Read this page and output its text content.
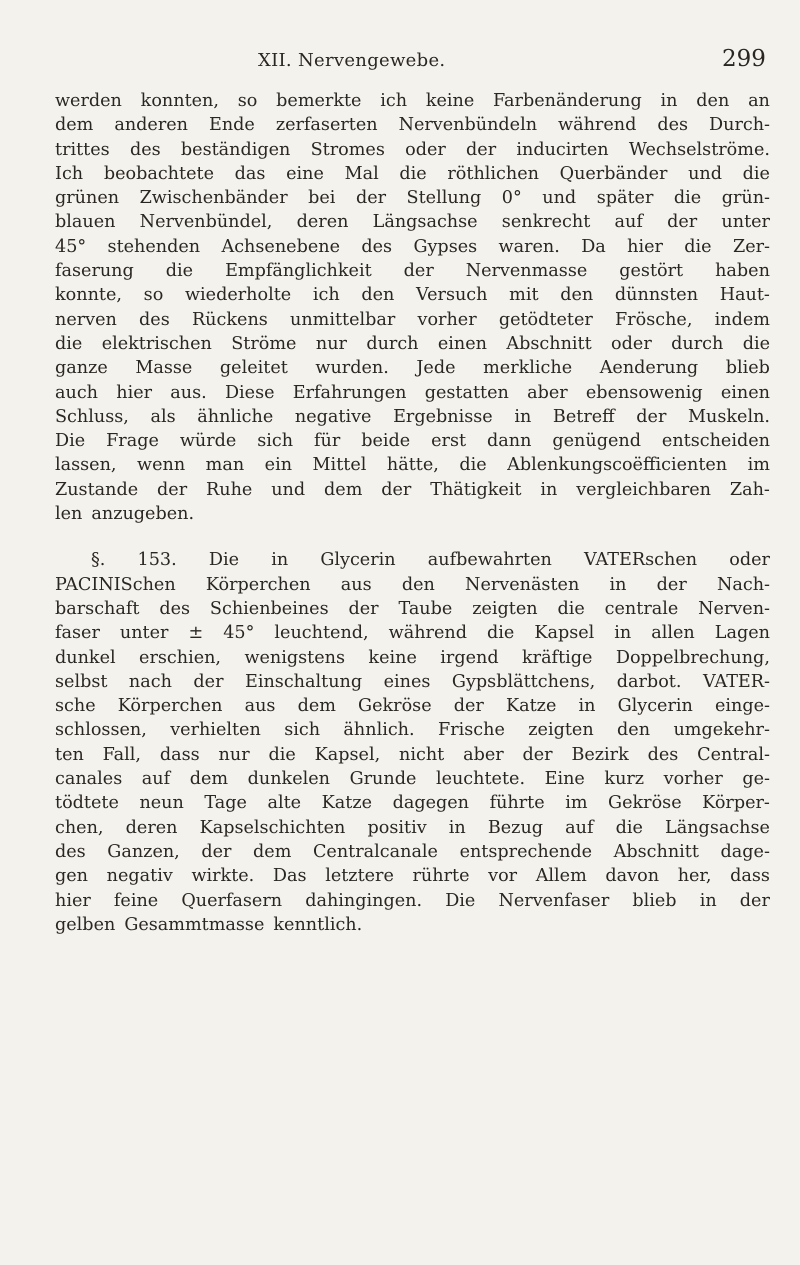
XII. Nervengewebe.	299
werden konnten, so bemerkte ich keine Farbenänderung in den an
dem anderen Ende zerfaserten Nervenbündeln während des Durch-
trittes des beständigen Stromes oder der inducirten Wechselströme.
Ich beobachtete das eine Mal die röthlichen Querbänder und die
grünen Zwischenbänder bei der Stellung 0° und später die grün-
blauen Nervenbündel, deren Längsachse senkrecht auf der unter
45° stehenden Achsenebene des Gypses waren. Da hier die Zer-
faserung die Empfänglichkeit der Nervenmasse gestört haben
konnte, so wiederholte ich den Versuch mit den dünnsten Haut-
nerven des Rückens unmittelbar vorher getödteter Frösche, indem
die elektrischen Ströme nur durch einen Abschnitt oder durch die
ganze Masse geleitet wurden. Jede merkliche Aenderung blieb
auch hier aus. Diese Erfahrungen gestatten aber ebensowenig einen
Schluss, als ähnliche negative Ergebnisse in Betreff der Muskeln.
Die Frage würde sich für beide erst dann genügend entscheiden
lassen, wenn man ein Mittel hätte, die Ablenkungscoëfficienten im
Zustande der Ruhe und dem der Thätigkeit in vergleichbaren Zah-
len anzugeben.
§. 153. Die in Glycerin aufbewahrten VATERschen oder
PACINISchen Körperchen aus den Nervenästen in der Nach-
barschaft des Schienbeines der Taube zeigten die centrale Nerven-
faser unter ± 45° leuchtend, während die Kapsel in allen Lagen
dunkel erschien, wenigstens keine irgend kräftige Doppelbrechung,
selbst nach der Einschaltung eines Gypsblättchens, darbot. VATER-
sche Körperchen aus dem Gekröse der Katze in Glycerin einge-
schlossen, verhielten sich ähnlich. Frische zeigten den umgekehr-
ten Fall, dass nur die Kapsel, nicht aber der Bezirk des Central-
canales auf dem dunkelen Grunde leuchtete. Eine kurz vorher ge-
tödtete neun Tage alte Katze dagegen führte im Gekröse Körper-
chen, deren Kapselschichten positiv in Bezug auf die Längsachse
des Ganzen, der dem Centralcanale entsprechende Abschnitt dage-
gen negativ wirkte. Das letztere rührte vor Allem davon her, dass
hier feine Querfasern dahingingen. Die Nervenfaser blieb in der
gelben Gesammtmasse kenntlich.
